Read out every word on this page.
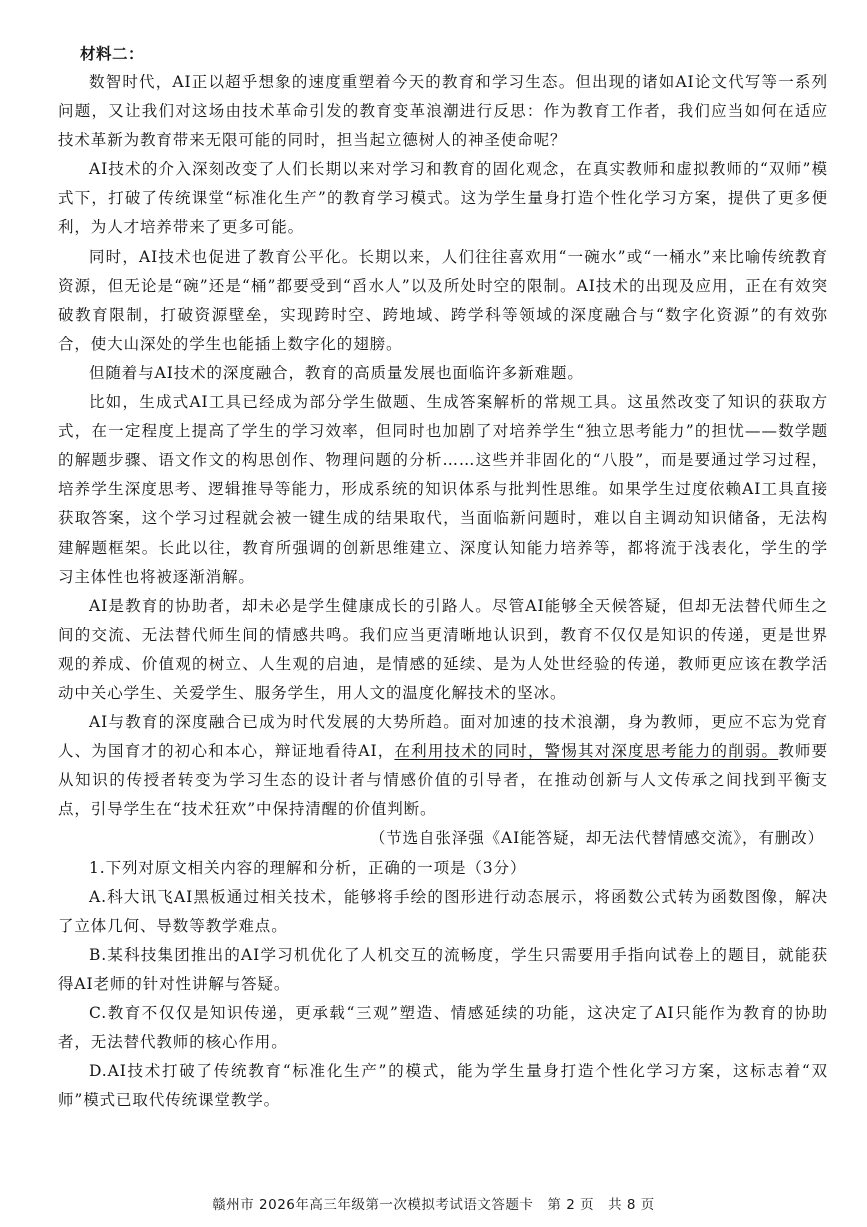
材料二：

数智时代，AI正以超乎想象的速度重塑着今天的教育和学习生态。但出现的诸如AI论文代写等一系列问题，又让我们对这场由技术革命引发的教育变革浪潮进行反思：作为教育工作者，我们应当如何在适应技术革新为教育带来无限可能的同时，担当起立德树人的神圣使命呢？

AI技术的介入深刻改变了人们长期以来对学习和教育的固化观念，在真实教师和虚拟教师的“双师”模式下，打破了传统课堂“标准化生产”的教育学习模式。这为学生量身打造个性化学习方案，提供了更多便利，为人才培养带来了更多可能。

同时，AI技术也促进了教育公平化。长期以来，人们往往喜欢用“一碗水”或“一桶水”来比喻传统教育资源，但无论是“碗”还是“桶”都要受到“舀水人”以及所处时空的限制。AI技术的出现及应用，正在有效突破教育限制，打破资源壁垒，实现跨时空、跨地域、跨学科等领域的深度融合与“数字化资源”的有效弥合，使大山深处的学生也能插上数字化的翅膀。

但随着与AI技术的深度融合，教育的高质量发展也面临许多新难题。

比如，生成式AI工具已经成为部分学生做题、生成答案解析的常规工具。这虽然改变了知识的获取方式，在一定程度上提高了学生的学习效率，但同时也加剧了对培养学生“独立思考能力”的担忧——数学题的解题步骤、语文作文的构思创作、物理问题的分析……这些并非固化的“八股”，而是要通过学习过程，培养学生深度思考、逻辑推导等能力，形成系统的知识体系与批判性思维。如果学生过度依赖AI工具直接获取答案，这个学习过程就会被一键生成的结果取代，当面临新问题时，难以自主调动知识储备，无法构建解题框架。长此以往，教育所强调的创新思维建立、深度认知能力培养等，都将流于浅表化，学生的学习主体性也将被逐渐消解。

AI是教育的协助者，却未必是学生健康成长的引路人。尽管AI能够全天候答疑，但却无法替代师生之间的交流、无法替代师生间的情感共鸣。我们应当更清晰地认识到，教育不仅仅是知识的传递，更是世界观的养成、价值观的树立、人生观的启迪，是情感的延续、是为人处世经验的传递，教师更应该在教学活动中关心学生、关爱学生、服务学生，用人文的温度化解技术的坚冰。

AI与教育的深度融合已成为时代发展的大势所趋。面对加速的技术浪潮，身为教师，更应不忘为党育人、为国育才的初心和本心，辩证地看待AI，在利用技术的同时，警惕其对深度思考能力的削弱。教师要从知识的传授者转变为学习生态的设计者与情感价值的引导者，在推动创新与人文传承之间找到平衡支点，引导学生在“技术狂欢”中保持清醒的价值判断。

（节选自张泽强《AI能答疑，却无法代替情感交流》，有删改）
1.下列对原文相关内容的理解和分析，正确的一项是（3分）
A.科大讯飞AI黑板通过相关技术，能够将手绘的图形进行动态展示，将函数公式转为函数图像，解决了立体几何、导数等教学难点。
B.某科技集团推出的AI学习机优化了人机交互的流畅度，学生只需要用手指向试卷上的题目，就能获得AI老师的针对性讲解与答疑。
C.教育不仅仅是知识传递，更承载“三观”塑造、情感延续的功能，这决定了AI只能作为教育的协助者，无法替代教师的核心作用。
D.AI技术打破了传统教育“标准化生产”的模式，能为学生量身打造个性化学习方案，这标志着“双师”模式已取代传统课堂教学。
赣州市 2026年高三年级第一次模拟考试语文答题卡　第 2 页　共 8 页
